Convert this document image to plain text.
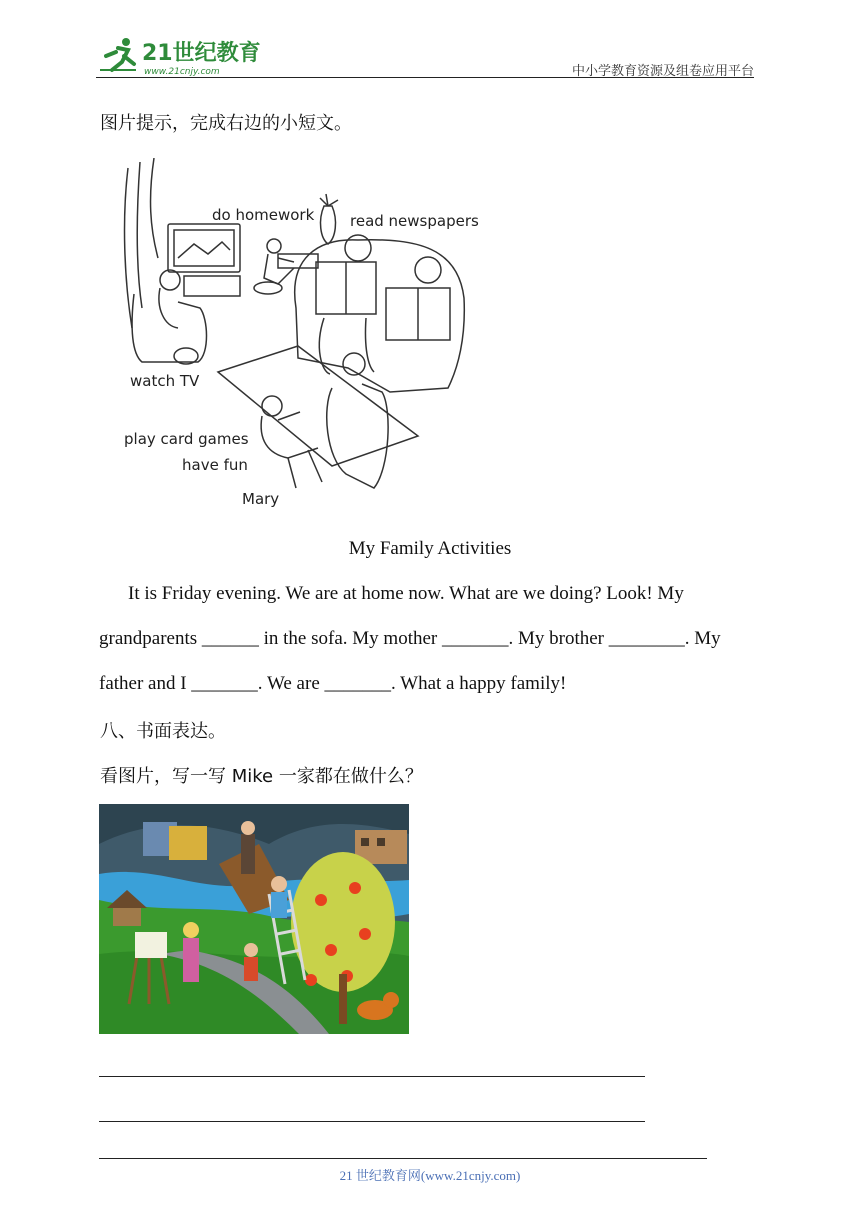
21世纪教育
www.21cnjy.com	中小学教育资源及组卷应用平台
图片提示，完成右边的小短文。
do homework read newspapers
watch TV
play card games
have fun
Mary
My Family Activities
It is Friday evening. We are at home now. What are we doing? Look! My
grandparents ______ in the sofa. My mother _______. My brother ________. My
father and I _______. We are _______. What a happy family!
八、书面表达。
看图片，写一写 Mike 一家都在做什么？
21 世纪教育网(www.21cnjy.com)
